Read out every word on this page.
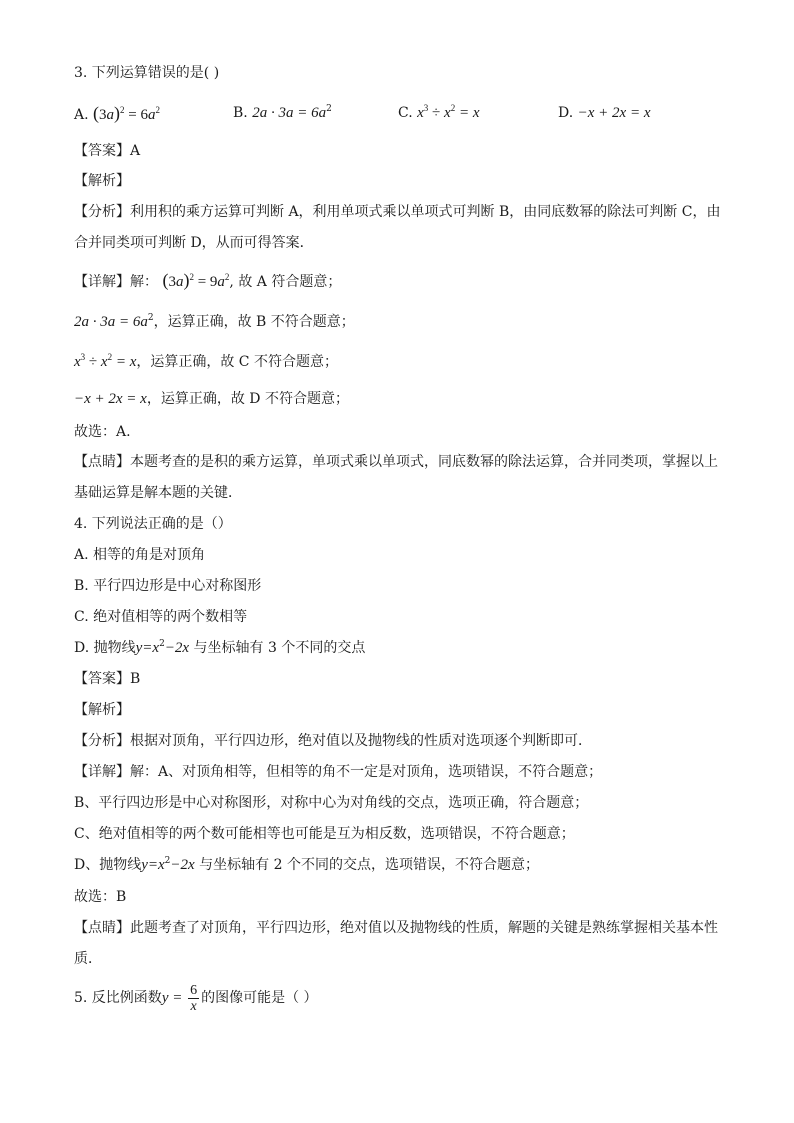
3. 下列运算错误的是( )
A. $(3a)^2 = 6a^2$	B. $2a \cdot 3a = 6a^2$	C. $x^3 \div x^2 = x$	D. −x + 2x = x
【答案】A
【解析】
【分析】利用积的乘方运算可判断 A，利用单项式乘以单项式可判断 B，由同底数幂的除法可判断 C，由
合并同类项可判断 D，从而可得答案．
【详解】解： $(3a)^2 = 9a^2$, 故 A 符合题意；
$2a \cdot 3a = 6a^2$，运算正确，故 B 不符合题意；
$x^3 \div x^2 = x$，运算正确，故 C 不符合题意；
−x + 2x = x，运算正确，故 D 不符合题意；
故选：A.
【点睛】本题考查的是积的乘方运算，单项式乘以单项式，同底数幂的除法运算，合并同类项，掌握以上
基础运算是解本题的关键．
4. 下列说法正确的是（）
A. 相等的角是对顶角
B. 平行四边形是中心对称图形
C. 绝对值相等的两个数相等
D. 抛物线$y=x^2-2x$ 与坐标轴有 3 个不同的交点
【答案】B
【解析】
【分析】根据对顶角，平行四边形，绝对值以及抛物线的性质对选项逐个判断即可．
【详解】解：A、对顶角相等，但相等的角不一定是对顶角，选项错误，不符合题意；
B、平行四边形是中心对称图形，对称中心为对角线的交点，选项正确，符合题意；
C、绝对值相等的两个数可能相等也可能是互为相反数，选项错误，不符合题意；
D、抛物线$y=x^2-2x$ 与坐标轴有 2 个不同的交点，选项错误，不符合题意；
故选：B
【点睛】此题考查了对顶角，平行四边形，绝对值以及抛物线的性质，解题的关键是熟练掌握相关基本性
质．
5. 反比例函数$y = \frac{6}{x}$ 的图像可能是（ ）
